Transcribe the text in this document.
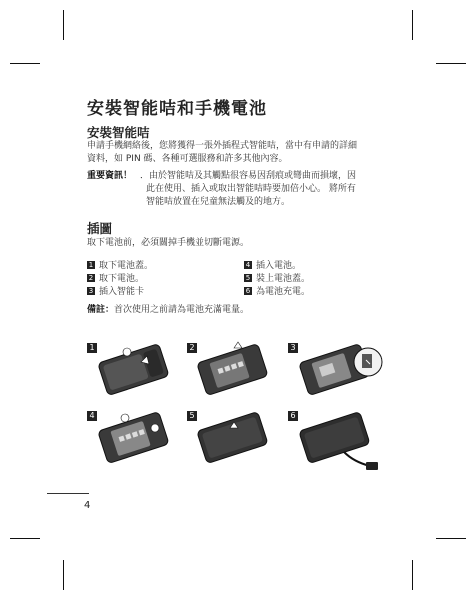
安裝智能咭和手機電池
安裝智能咭
申請手機網絡後，您將獲得一張外插程式智能咭，當中有申請的詳細
資料，如 PIN 碼、各種可選服務和許多其他內容。
重要資訊！ ．由於智能咭及其觸點很容易因刮痕或彎曲而損壞，因
此在使用、插入或取出智能咭時要加倍小心。 將所有
智能咭放置在兒童無法觸及的地方。
插圖
取下電池前，必須關掉手機並切斷電源。
1 取下電池蓋。
2 取下電池。
3 插入智能卡
4 插入電池。
5 裝上電池蓋。
6 為電池充電。
備註：首次使用之前請為電池充滿電量。
1	2	3
4	5	6
4
